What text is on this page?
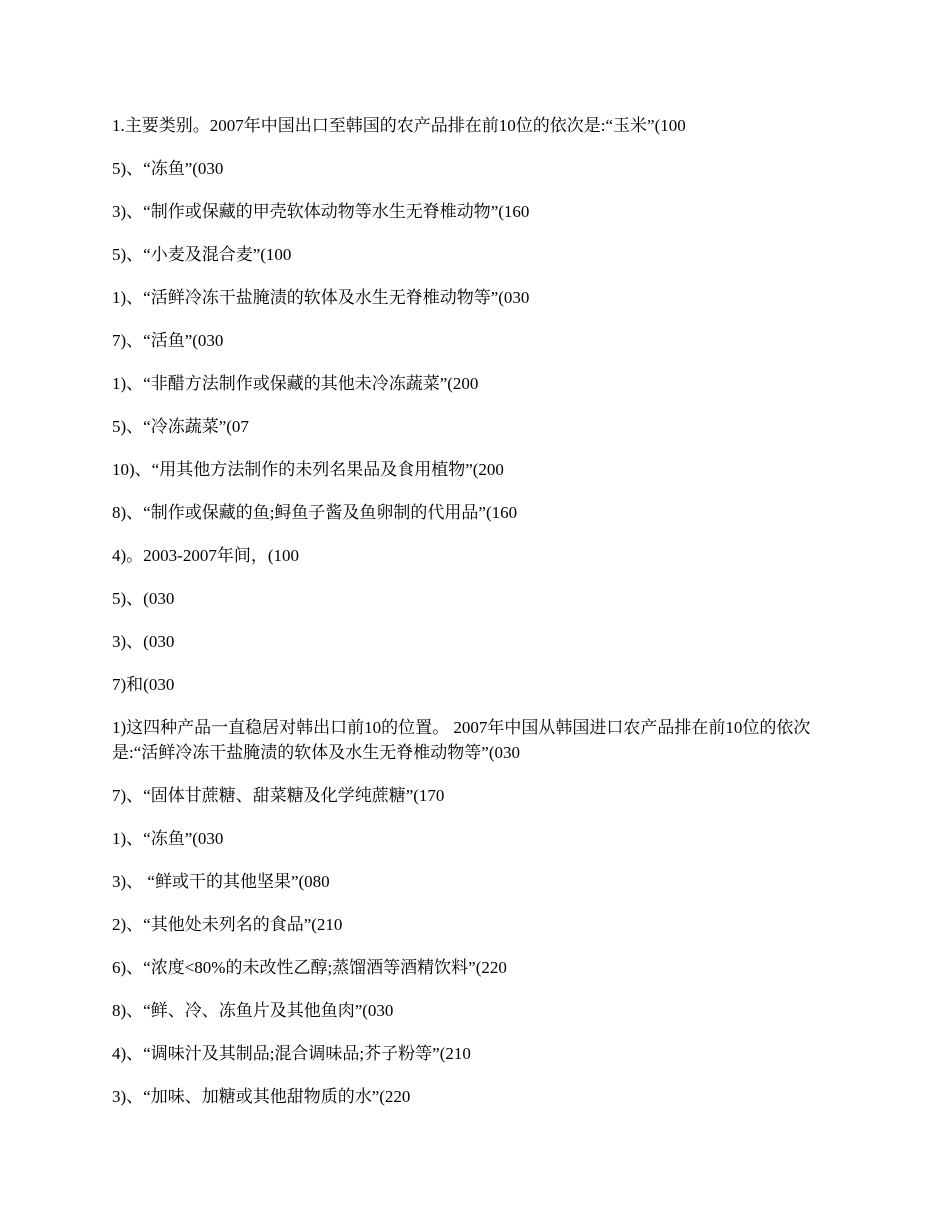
1.主要类别。2007年中国出口至韩国的农产品排在前10位的依次是:“玉米”(100

5)、“冻鱼”(030

3)、“制作或保藏的甲壳软体动物等水生无脊椎动物”(160

5)、“小麦及混合麦”(100

1)、“活鲜冷冻干盐腌渍的软体及水生无脊椎动物等”(030

7)、“活鱼”(030

1)、“非醋方法制作或保藏的其他未冷冻蔬菜”(200

5)、“冷冻蔬菜”(07

10)、“用其他方法制作的未列名果品及食用植物”(200

8)、“制作或保藏的鱼;鲟鱼子酱及鱼卵制的代用品”(160

4)。2003-2007年间，(100

5)、(030

3)、(030

7)和(030

1)这四种产品一直稳居对韩出口前10的位置。 2007年中国从韩国进口农产品排在前10位的依次是:“活鲜冷冻干盐腌渍的软体及水生无脊椎动物等”(030

7)、“固体甘蔗糖、甜菜糖及化学纯蔗糖”(170

1)、“冻鱼”(030

3)、 “鲜或干的其他坚果”(080

2)、“其他处未列名的食品”(210

6)、“浓度<80%的未改性乙醇;蒸馏酒等酒精饮料”(220

8)、“鲜、冷、冻鱼片及其他鱼肉”(030

4)、“调味汁及其制品;混合调味品;芥子粉等”(210

3)、“加味、加糖或其他甜物质的水”(220
